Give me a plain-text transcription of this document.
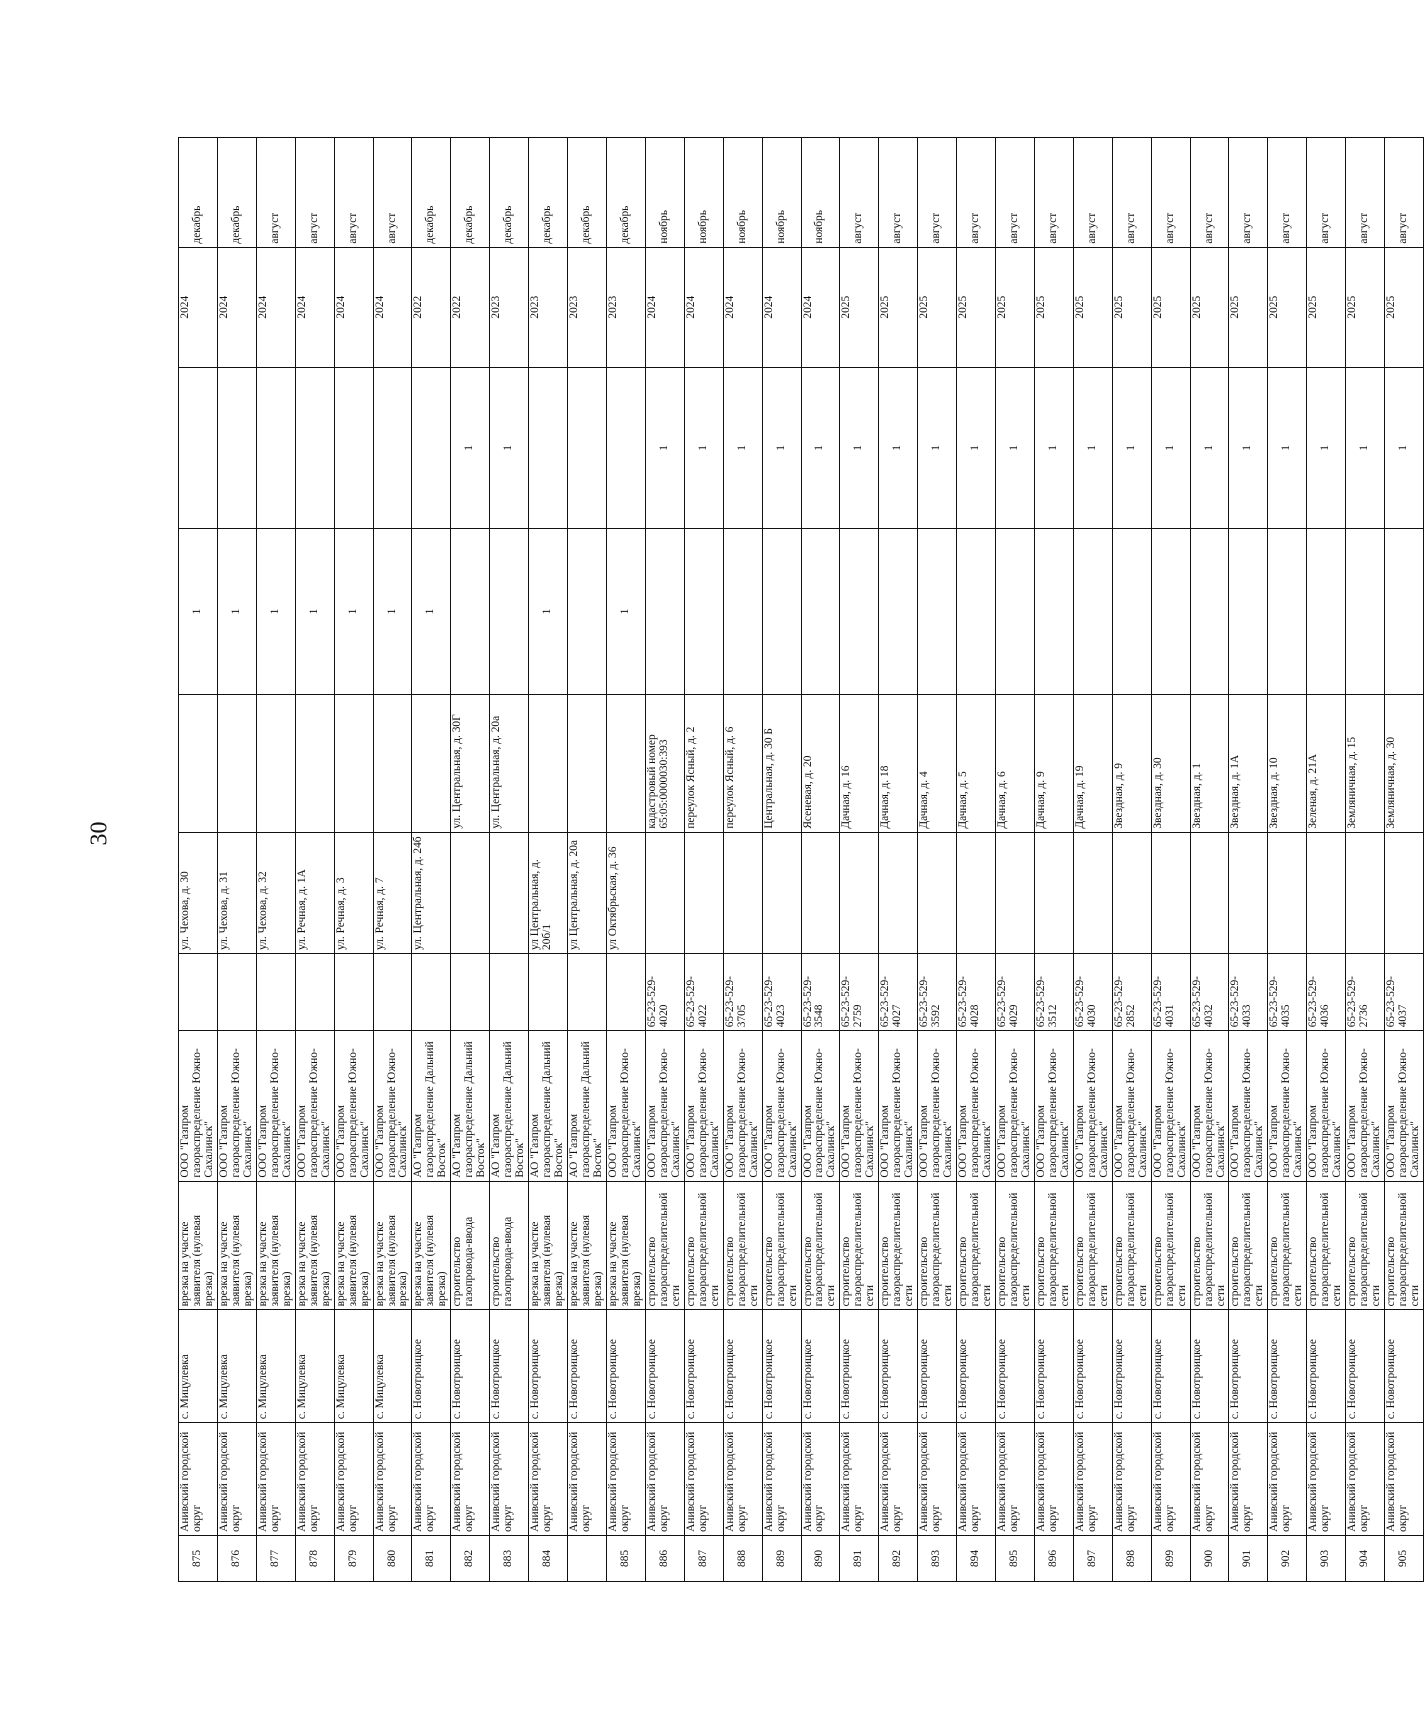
30
875	Анивский городской округ	с. Мицулевка	врезка на участке заявителя (нулевая врезка)	ООО "Газпром газораспределение Южно-Сахалинск"		ул. Чехова, д. 30		1		2024	декабрь
876	Анивский городской округ	с. Мицулевка	врезка на участке заявителя (нулевая врезка)	ООО "Газпром газораспределение Южно-Сахалинск"		ул. Чехова, д. 31		1		2024	декабрь
877	Анивский городской округ	с. Мицулевка	врезка на участке заявителя (нулевая врезка)	ООО "Газпром газораспределение Южно-Сахалинск"		ул. Чехова, д. 32		1		2024	август
878	Анивский городской округ	с. Мицулевка	врезка на участке заявителя (нулевая врезка)	ООО "Газпром газораспределение Южно-Сахалинск"		ул. Речная, д. 1А		1		2024	август
879	Анивский городской округ	с. Мицулевка	врезка на участке заявителя (нулевая врезка)	ООО "Газпром газораспределение Южно-Сахалинск"		ул. Речная, д. 3		1		2024	август
880	Анивский городской округ	с. Мицулевка	врезка на участке заявителя (нулевая врезка)	ООО "Газпром газораспределение Южно-Сахалинск"		ул. Речная, д. 7		1		2024	август
881	Анивский городской округ	с. Новотроицкое	врезка на участке заявителя (нулевая врезка)	АО "Газпром газораспределение Дальний Восток"		ул. Центральная, д. 24б		1		2022	декабрь
882	Анивский городской округ	с. Новотроицкое	строительство газопровода-ввода	АО "Газпром газораспределение Дальний Восток"			ул. Центральная, д. 30Г		1	2022	декабрь
883	Анивский городской округ	с. Новотроицкое	строительство газопровода-ввода	АО "Газпром газораспределение Дальний Восток"			ул. Центральная, д. 20а		1	2023	декабрь
884	Анивский городской округ	с. Новотроицкое	врезка на участке заявителя (нулевая врезка)	АО "Газпром газораспределение Дальний Восток"		ул Центральная, д. 20б/1		1		2023	декабрь
	Анивский городской округ	с. Новотроицкое	врезка на участке заявителя (нулевая врезка)	АО "Газпром газораспределение Дальний Восток"		ул Центральная, д. 20а				2023	декабрь
885	Анивский городской округ	с. Новотроицкое	врезка на участке заявителя (нулевая врезка)	ООО "Газпром газораспределение Южно-Сахалинск"		ул Октябрьская, д. 36		1		2023	декабрь
886	Анивский городской округ	с. Новотроицкое	строительство газораспределительной сети	ООО "Газпром газораспределение Южно-Сахалинск"	65-23-529-4020		кадастровый номер 65:05:0000030:393		1	2024	ноябрь
887	Анивский городской округ	с. Новотроицкое	строительство газораспределительной сети	ООО "Газпром газораспределение Южно-Сахалинск"	65-23-529-4022		переулок Ясный, д. 2		1	2024	ноябрь
888	Анивский городской округ	с. Новотроицкое	строительство газораспределительной сети	ООО "Газпром газораспределение Южно-Сахалинск"	65-23-529-3705		переулок Ясный, д. 6		1	2024	ноябрь
889	Анивский городской округ	с. Новотроицкое	строительство газораспределительной сети	ООО "Газпром газораспределение Южно-Сахалинск"	65-23-529-4023		Центральная, д. 30 Б		1	2024	ноябрь
890	Анивский городской округ	с. Новотроицкое	строительство газораспределительной сети	ООО "Газпром газораспределение Южно-Сахалинск"	65-23-529-3548		Ясеневая, д. 20		1	2024	ноябрь
891	Анивский городской округ	с. Новотроицкое	строительство газораспределительной сети	ООО "Газпром газораспределение Южно-Сахалинск"	65-23-529-2759		Дачная, д. 16		1	2025	август
892	Анивский городской округ	с. Новотроицкое	строительство газораспределительной сети	ООО "Газпром газораспределение Южно-Сахалинск"	65-23-529-4027		Дачная, д. 18		1	2025	август
893	Анивский городской округ	с. Новотроицкое	строительство газораспределительной сети	ООО "Газпром газораспределение Южно-Сахалинск"	65-23-529-3592		Дачная, д. 4		1	2025	август
894	Анивский городской округ	с. Новотроицкое	строительство газораспределительной сети	ООО "Газпром газораспределение Южно-Сахалинск"	65-23-529-4028		Дачная, д. 5		1	2025	август
895	Анивский городской округ	с. Новотроицкое	строительство газораспределительной сети	ООО "Газпром газораспределение Южно-Сахалинск"	65-23-529-4029		Дачная, д. 6		1	2025	август
896	Анивский городской округ	с. Новотроицкое	строительство газораспределительной сети	ООО "Газпром газораспределение Южно-Сахалинск"	65-23-529-3512		Дачная, д. 9		1	2025	август
897	Анивский городской округ	с. Новотроицкое	строительство газораспределительной сети	ООО "Газпром газораспределение Южно-Сахалинск"	65-23-529-4030		Дачная, д. 19		1	2025	август
898	Анивский городской округ	с. Новотроицкое	строительство газораспределительной сети	ООО "Газпром газораспределение Южно-Сахалинск"	65-23-529-2852		Звездная, д. 9		1	2025	август
899	Анивский городской округ	с. Новотроицкое	строительство газораспределительной сети	ООО "Газпром газораспределение Южно-Сахалинск"	65-23-529-4031		Звездная, д. 30		1	2025	август
900	Анивский городской округ	с. Новотроицкое	строительство газораспределительной сети	ООО "Газпром газораспределение Южно-Сахалинск"	65-23-529-4032		Звездная, д. 1		1	2025	август
901	Анивский городской округ	с. Новотроицкое	строительство газораспределительной сети	ООО "Газпром газораспределение Южно-Сахалинск"	65-23-529-4033		Звездная, д. 1А		1	2025	август
902	Анивский городской округ	с. Новотроицкое	строительство газораспределительной сети	ООО "Газпром газораспределение Южно-Сахалинск"	65-23-529-4035		Звездная, д. 10		1	2025	август
903	Анивский городской округ	с. Новотроицкое	строительство газораспределительной сети	ООО "Газпром газораспределение Южно-Сахалинск"	65-23-529-4036		Зеленая, д. 21А		1	2025	август
904	Анивский городской округ	с. Новотроицкое	строительство газораспределительной сети	ООО "Газпром газораспределение Южно-Сахалинск"	65-23-529-2736		Земляничная, д. 15		1	2025	август
905	Анивский городской округ	с. Новотроицкое	строительство газораспределительной сети	ООО "Газпром газораспределение Южно-Сахалинск"	65-23-529-4037		Земляничная, д. 30		1	2025	август
